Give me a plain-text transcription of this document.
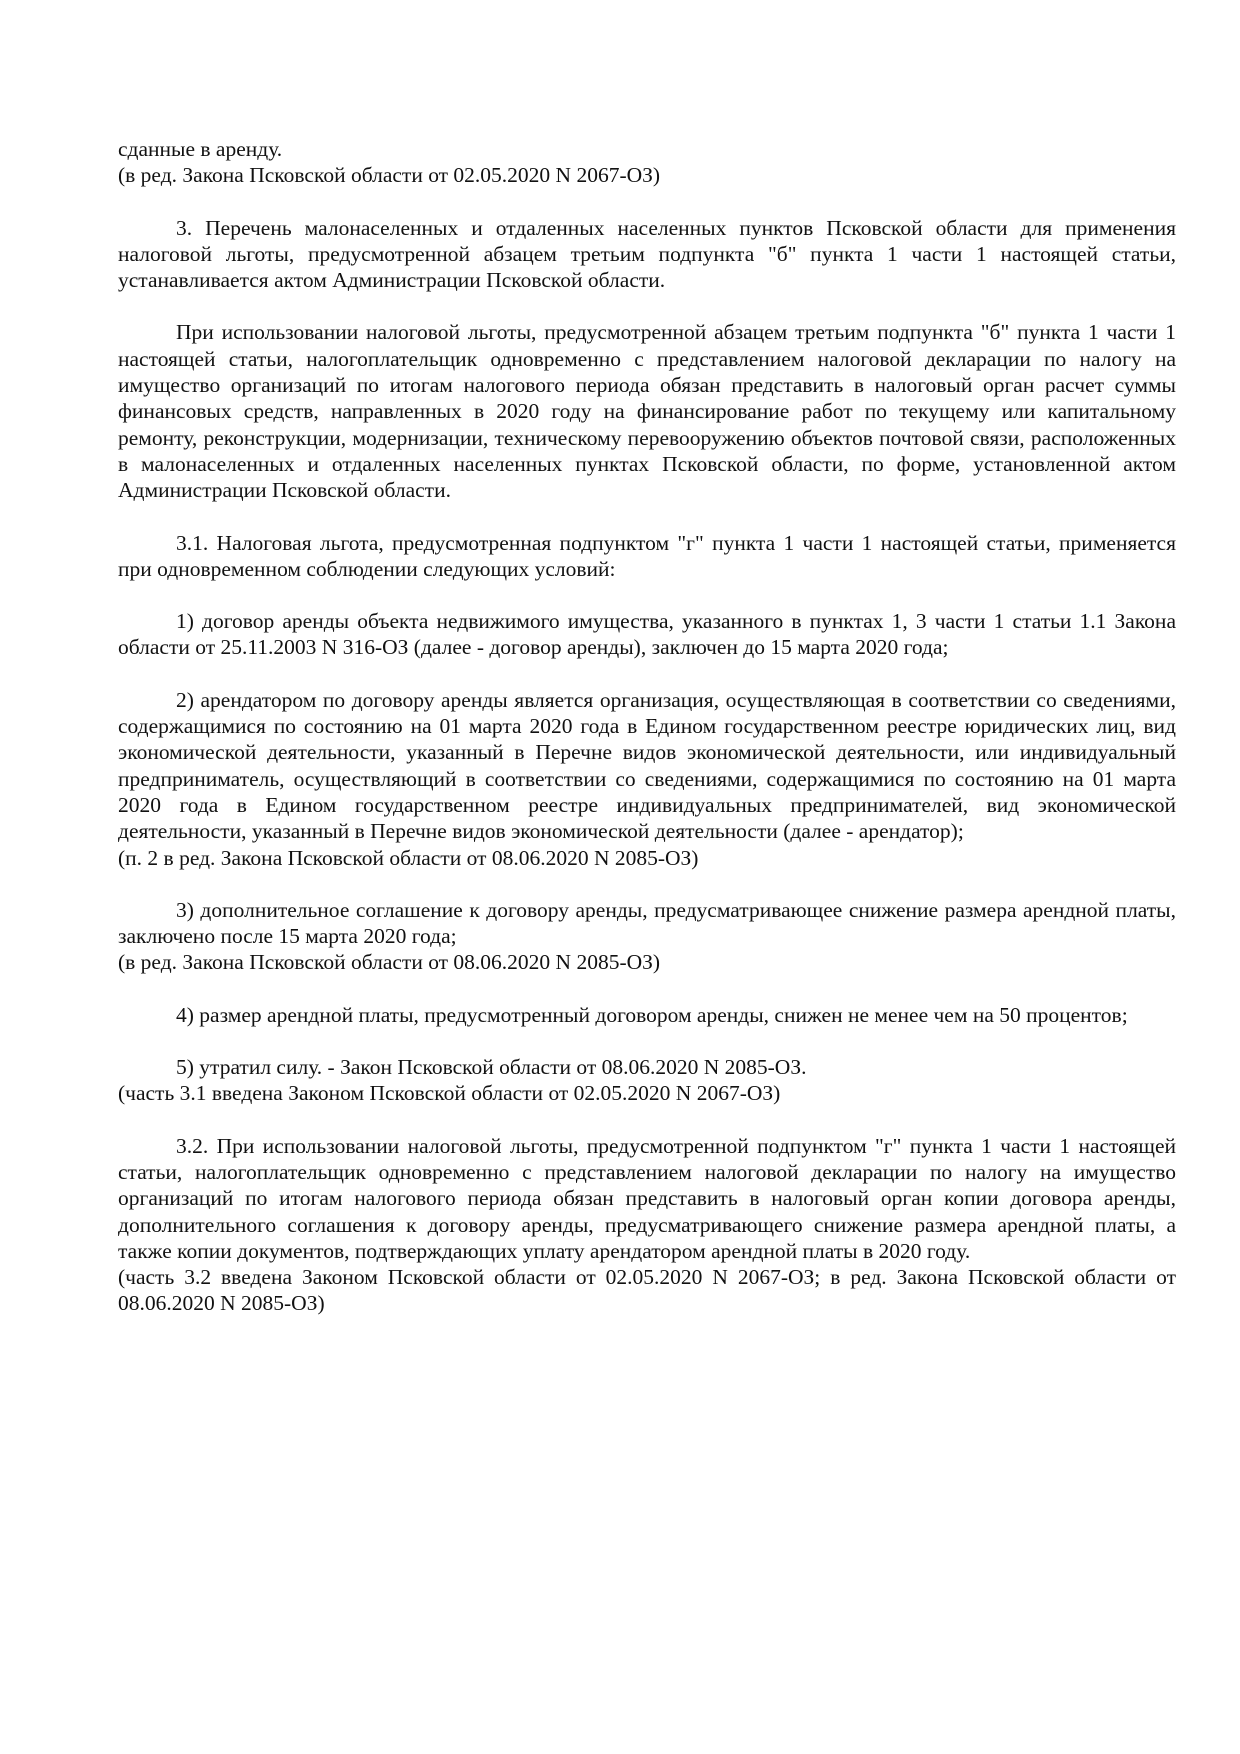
сданные в аренду.

(в ред. Закона Псковской области от 02.05.2020 N 2067-ОЗ)

3. Перечень малонаселенных и отдаленных населенных пунктов Псковской области для применения налоговой льготы, предусмотренной абзацем третьим подпункта "б" пункта 1 части 1 настоящей статьи, устанавливается актом Администрации Псковской области.

При использовании налоговой льготы, предусмотренной абзацем третьим подпункта "б" пункта 1 части 1 настоящей статьи, налогоплательщик одновременно с представлением налоговой декларации по налогу на имущество организаций по итогам налогового периода обязан представить в налоговый орган расчет суммы финансовых средств, направленных в 2020 году на финансирование работ по текущему или капитальному ремонту, реконструкции, модернизации, техническому перевооружению объектов почтовой связи, расположенных в малонаселенных и отдаленных населенных пунктах Псковской области, по форме, установленной актом Администрации Псковской области.

3.1. Налоговая льгота, предусмотренная подпунктом "г" пункта 1 части 1 настоящей статьи, применяется при одновременном соблюдении следующих условий:

1) договор аренды объекта недвижимого имущества, указанного в пунктах 1, 3 части 1 статьи 1.1 Закона области от 25.11.2003 N 316-ОЗ (далее - договор аренды), заключен до 15 марта 2020 года;

2) арендатором по договору аренды является организация, осуществляющая в соответствии со сведениями, содержащимися по состоянию на 01 марта 2020 года в Едином государственном реестре юридических лиц, вид экономической деятельности, указанный в Перечне видов экономической деятельности, или индивидуальный предприниматель, осуществляющий в соответствии со сведениями, содержащимися по состоянию на 01 марта 2020 года в Едином государственном реестре индивидуальных предпринимателей, вид экономической деятельности, указанный в Перечне видов экономической деятельности (далее - арендатор);

(п. 2 в ред. Закона Псковской области от 08.06.2020 N 2085-ОЗ)

3) дополнительное соглашение к договору аренды, предусматривающее снижение размера арендной платы, заключено после 15 марта 2020 года;

(в ред. Закона Псковской области от 08.06.2020 N 2085-ОЗ)

4) размер арендной платы, предусмотренный договором аренды, снижен не менее чем на 50 процентов;

5) утратил силу. - Закон Псковской области от 08.06.2020 N 2085-ОЗ.

(часть 3.1 введена Законом Псковской области от 02.05.2020 N 2067-ОЗ)

3.2. При использовании налоговой льготы, предусмотренной подпунктом "г" пункта 1 части 1 настоящей статьи, налогоплательщик одновременно с представлением налоговой декларации по налогу на имущество организаций по итогам налогового периода обязан представить в налоговый орган копии договора аренды, дополнительного соглашения к договору аренды, предусматривающего снижение размера арендной платы, а также копии документов, подтверждающих уплату арендатором арендной платы в 2020 году.

(часть 3.2 введена Законом Псковской области от 02.05.2020 N 2067-ОЗ; в ред. Закона Псковской области от 08.06.2020 N 2085-ОЗ)
